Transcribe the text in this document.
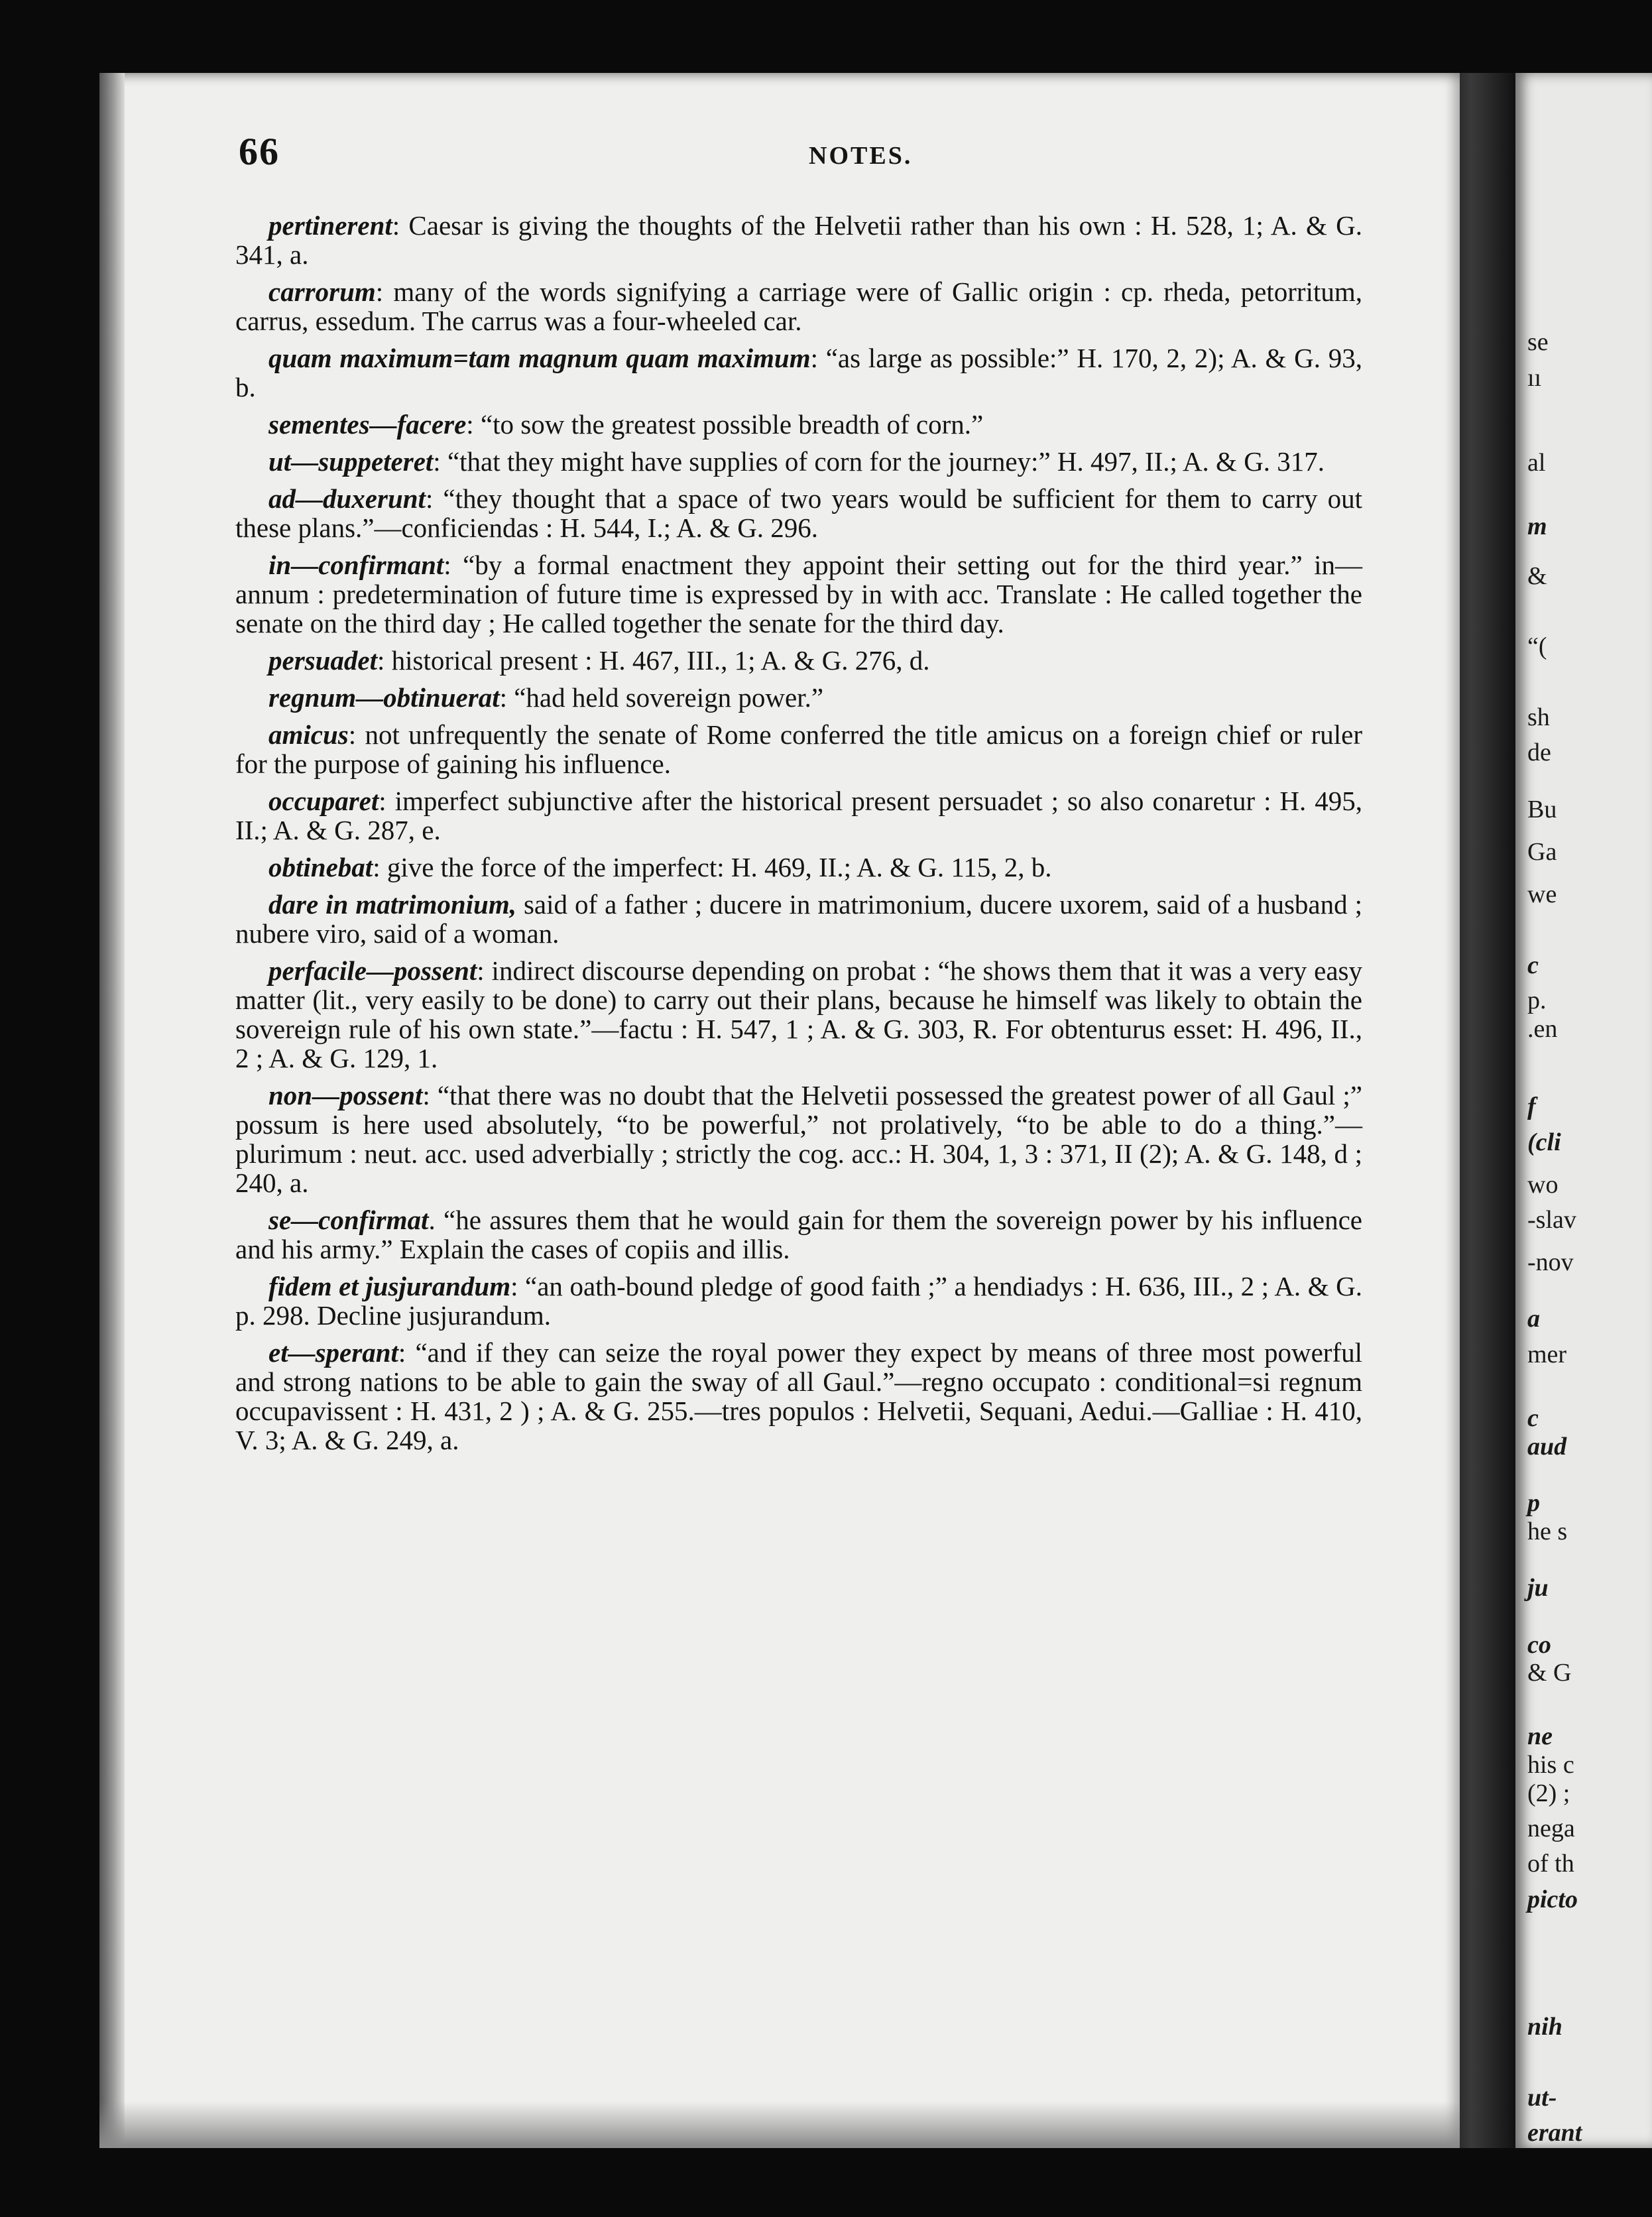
66	NOTES.

pertinerent: Caesar is giving the thoughts of the Helvetii rather than his own : H. 528, 1; A. & G. 341, a.

carrorum: many of the words signifying a carriage were of Gallic origin : cp. rheda, petorritum, carrus, essedum. The carrus was a four-wheeled car.

quam maximum=tam magnum quam maximum: “as large as possible:” H. 170, 2, 2); A. & G. 93, b.

sementes—facere: “to sow the greatest possible breadth of corn.”

ut—suppeteret: “that they might have supplies of corn for the journey:” H. 497, II.; A. & G. 317.

ad—duxerunt: “they thought that a space of two years would be sufficient for them to carry out these plans.”—conficiendas : H. 544, I.; A. & G. 296.

in—confirmant: “by a formal enactment they appoint their setting out for the third year.” in—annum : predetermination of future time is expressed by in with acc. Translate : He called together the senate on the third day ; He called together the senate for the third day.

persuadet: historical present : H. 467, III., 1; A. & G. 276, d.

regnum—obtinuerat: “had held sovereign power.”

amicus: not unfrequently the senate of Rome conferred the title amicus on a foreign chief or ruler for the purpose of gaining his influence.

occuparet: imperfect subjunctive after the historical present persuadet ; so also conaretur : H. 495, II.; A. & G. 287, e.

obtinebat: give the force of the imperfect: H. 469, II.; A. & G. 115, 2, b.

dare in matrimonium, said of a father ; ducere in matrimonium, ducere uxorem, said of a husband ; nubere viro, said of a woman.

perfacile—possent: indirect discourse depending on probat : “he shows them that it was a very easy matter (lit., very easily to be done) to carry out their plans, because he himself was likely to obtain the sovereign rule of his own state.”—factu : H. 547, 1 ; A. & G. 303, R. For obtenturus esset: H. 496, II., 2 ; A. & G. 129, 1.

non—possent: “that there was no doubt that the Helvetii possessed the greatest power of all Gaul ;” possum is here used absolutely, “to be powerful,” not prolatively, “to be able to do a thing.”—plurimum : neut. acc. used adverbially ; strictly the cog. acc.: H. 304, 1, 3 : 371, II (2); A. & G. 148, d ; 240, a.

se—confirmat. “he assures them that he would gain for them the sovereign power by his influence and his army.” Explain the cases of copiis and illis.

fidem et jusjurandum: “an oath-bound pledge of good faith ;” a hendiadys : H. 636, III., 2 ; A. & G. p. 298. Decline jusjurandum.

et—sperant: “and if they can seize the royal power they expect by means of three most powerful and strong nations to be able to gain the sway of all Gaul.”—regno occupato : conditional=si regnum occupavissent : H. 431, 2 ) ; A. & G. 255.—tres populos : Helvetii, Sequani, Aedui.—Galliae : H. 410, V. 3; A. & G. 249, a.

se
ıı
al
m
&
“(
sh
de
Bu
Ga
we
c
p.
.en
f
(cli
wo
-slav
-nov
a
mer
c
aud
p
he s
ju
co
& G
ne
his c
(2) ;
nega
of th
picto
nih
ut-
erant
